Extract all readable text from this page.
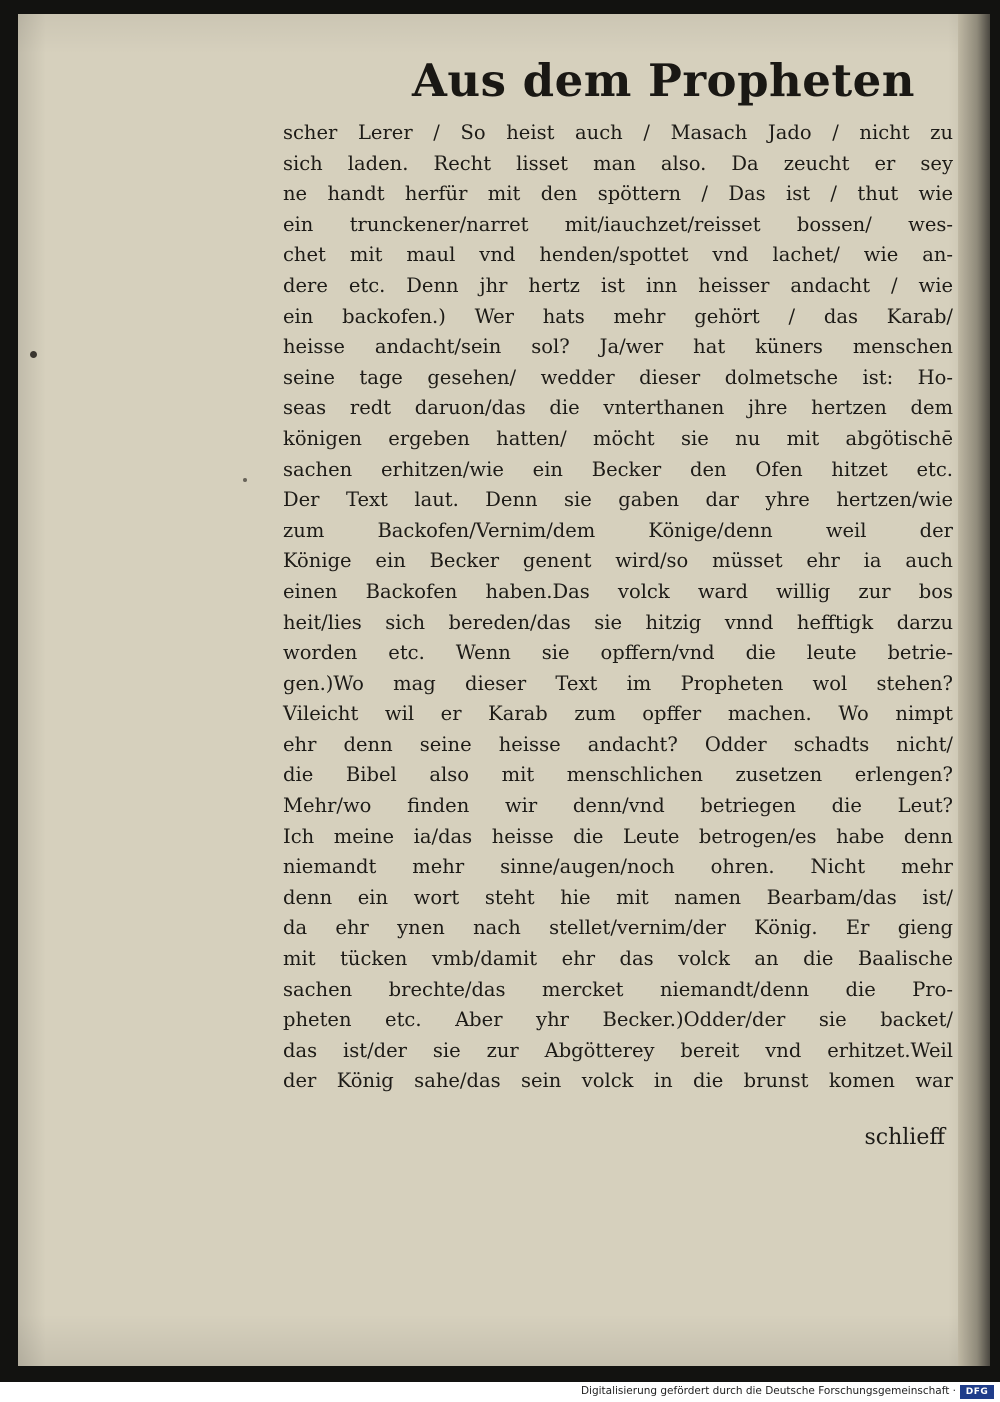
Aus dem Propheten
scher Lerer / So heist auch / Masach Jado / nicht zu
sich laden. Recht lisset man also. Da zeucht er sey
ne handt herfür mit den spöttern / Das ist / thut wie
ein trunckener/narret mit/iauchzet/reisset bossen/ wes-
chet mit maul vnd henden/spottet vnd lachet/ wie an-
dere etc. Denn jhr hertz ist inn heisser andacht / wie
ein backofen.) Wer hats mehr gehört / das Karab/
heisse andacht/sein sol? Ja/wer hat küners menschen
seine tage gesehen/ wedder dieser dolmetsche ist: Ho-
seas redt daruon/das die vnterthanen jhre hertzen dem
königen ergeben hatten/ möcht sie nu mit abgötischē
sachen erhitzen/wie ein Becker den Ofen hitzet etc.
Der Text laut. Denn sie gaben dar yhre hertzen/wie
zum Backofen/Vernim/dem Könige/denn weil der
Könige ein Becker genent wird/so müsset ehr ia auch
einen Backofen haben.Das volck ward willig zur bos
heit/lies sich bereden/das sie hitzig vnnd hefftigk darzu
worden etc. Wenn sie opffern/vnd die leute betrie-
gen.)Wo mag dieser Text im Propheten wol stehen?
Vileicht wil er Karab zum opffer machen. Wo nimpt
ehr denn seine heisse andacht? Odder schadts nicht/
die Bibel also mit menschlichen zusetzen erlengen?
Mehr/wo finden wir denn/vnd betriegen die Leut?
Ich meine ia/das heisse die Leute betrogen/es habe denn
niemandt mehr sinne/augen/noch ohren. Nicht mehr
denn ein wort steht hie mit namen Bearbam/das ist/
da ehr ynen nach stellet/vernim/der König. Er gieng
mit tücken vmb/damit ehr das volck an die Baalische
sachen brechte/das mercket niemandt/denn die Pro-
pheten etc. Aber yhr Becker.)Odder/der sie backet/
das ist/der sie zur Abgötterey bereit vnd erhitzet.Weil
der König sahe/das sein volck in die brunst komen war
schlieff
Digitalisierung gefördert durch die Deutsche Forschungsgemeinschaft ·	DFG
